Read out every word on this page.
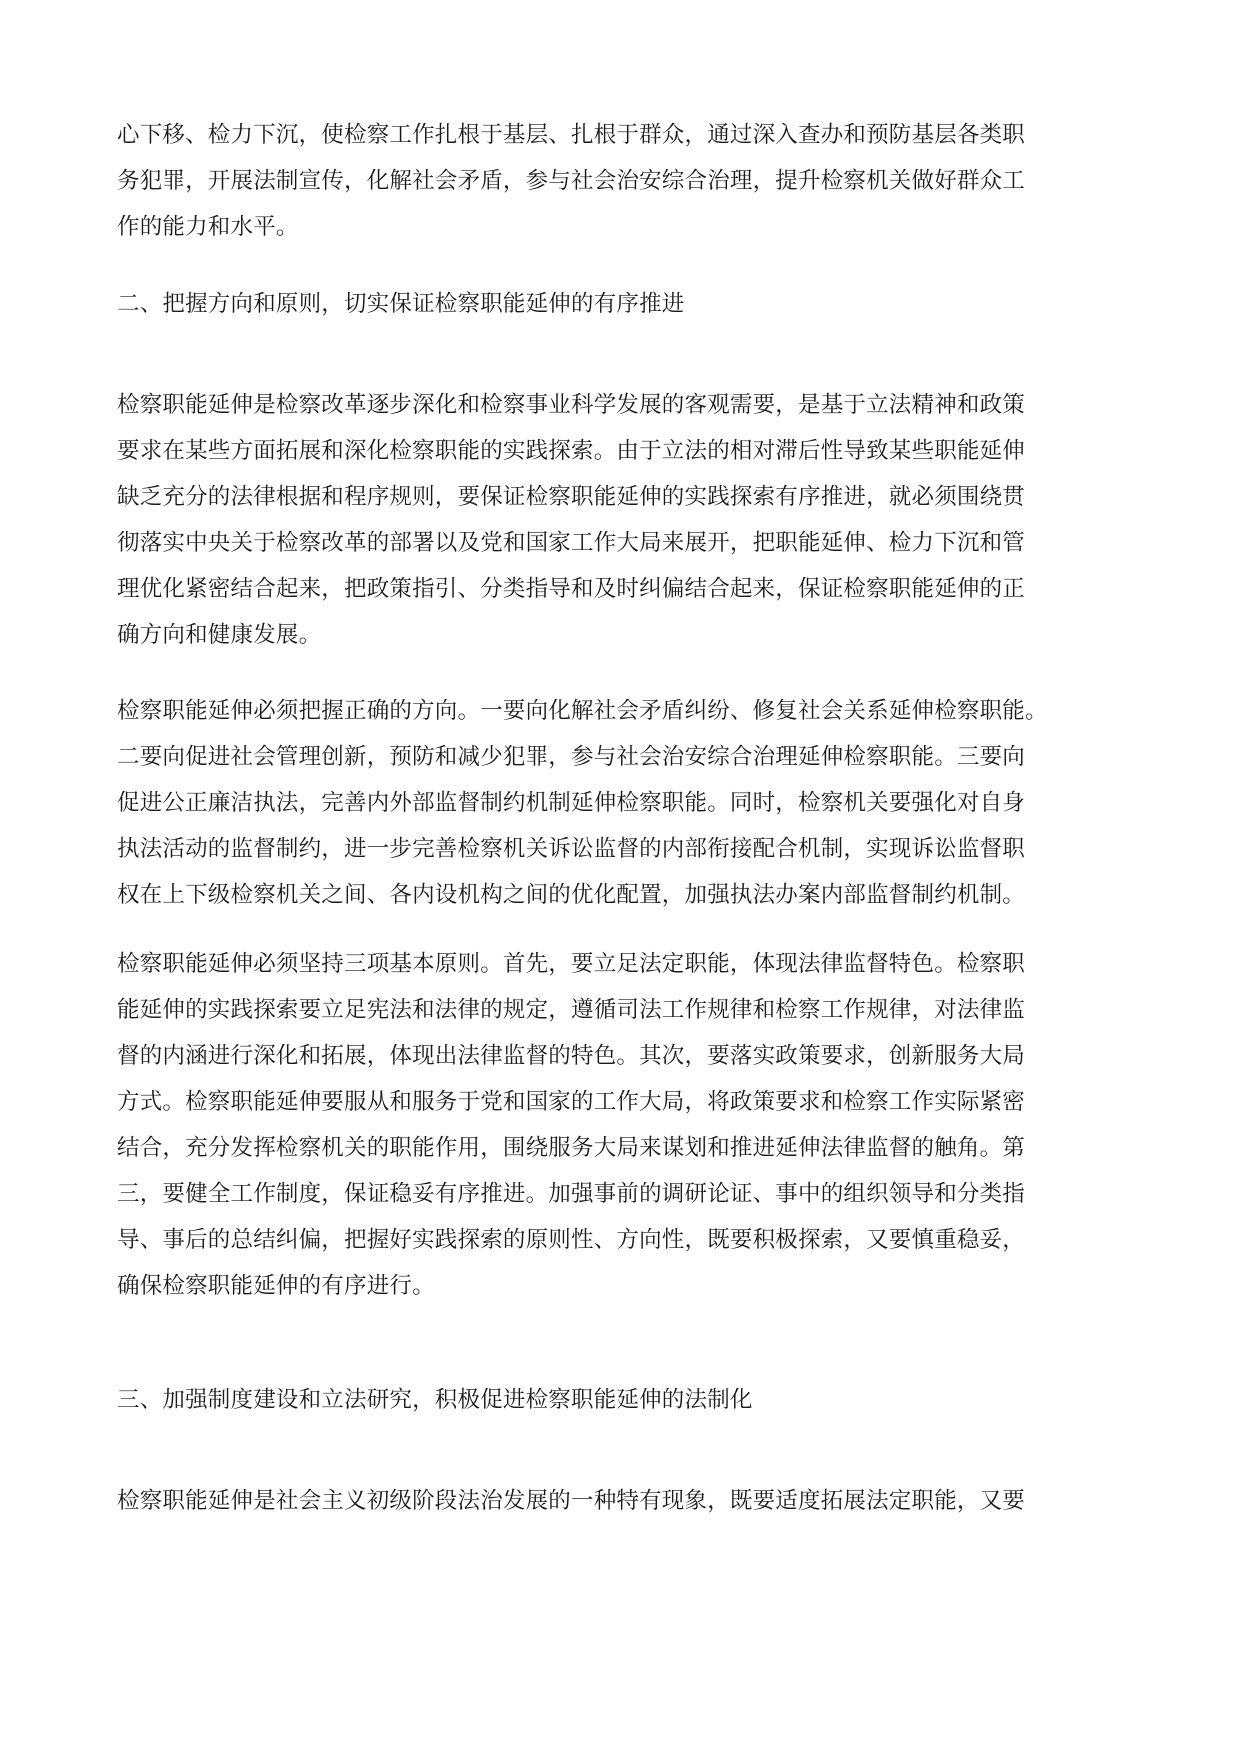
心下移、检力下沉，使检察工作扎根于基层、扎根于群众，通过深入查办和预防基层各类职
务犯罪，开展法制宣传，化解社会矛盾，参与社会治安综合治理，提升检察机关做好群众工
作的能力和水平。
二、把握方向和原则，切实保证检察职能延伸的有序推进
检察职能延伸是检察改革逐步深化和检察事业科学发展的客观需要，是基于立法精神和政策
要求在某些方面拓展和深化检察职能的实践探索。由于立法的相对滞后性导致某些职能延伸
缺乏充分的法律根据和程序规则，要保证检察职能延伸的实践探索有序推进，就必须围绕贯
彻落实中央关于检察改革的部署以及党和国家工作大局来展开，把职能延伸、检力下沉和管
理优化紧密结合起来，把政策指引、分类指导和及时纠偏结合起来，保证检察职能延伸的正
确方向和健康发展。
检察职能延伸必须把握正确的方向。一要向化解社会矛盾纠纷、修复社会关系延伸检察职能。
二要向促进社会管理创新，预防和减少犯罪，参与社会治安综合治理延伸检察职能。三要向
促进公正廉洁执法，完善内外部监督制约机制延伸检察职能。同时，检察机关要强化对自身
执法活动的监督制约，进一步完善检察机关诉讼监督的内部衔接配合机制，实现诉讼监督职
权在上下级检察机关之间、各内设机构之间的优化配置，加强执法办案内部监督制约机制。
检察职能延伸必须坚持三项基本原则。首先，要立足法定职能，体现法律监督特色。检察职
能延伸的实践探索要立足宪法和法律的规定，遵循司法工作规律和检察工作规律，对法律监
督的内涵进行深化和拓展，体现出法律监督的特色。其次，要落实政策要求，创新服务大局
方式。检察职能延伸要服从和服务于党和国家的工作大局，将政策要求和检察工作实际紧密
结合，充分发挥检察机关的职能作用，围绕服务大局来谋划和推进延伸法律监督的触角。第
三，要健全工作制度，保证稳妥有序推进。加强事前的调研论证、事中的组织领导和分类指
导、事后的总结纠偏，把握好实践探索的原则性、方向性，既要积极探索，又要慎重稳妥，
确保检察职能延伸的有序进行。
三、加强制度建设和立法研究，积极促进检察职能延伸的法制化
检察职能延伸是社会主义初级阶段法治发展的一种特有现象，既要适度拓展法定职能，又要
